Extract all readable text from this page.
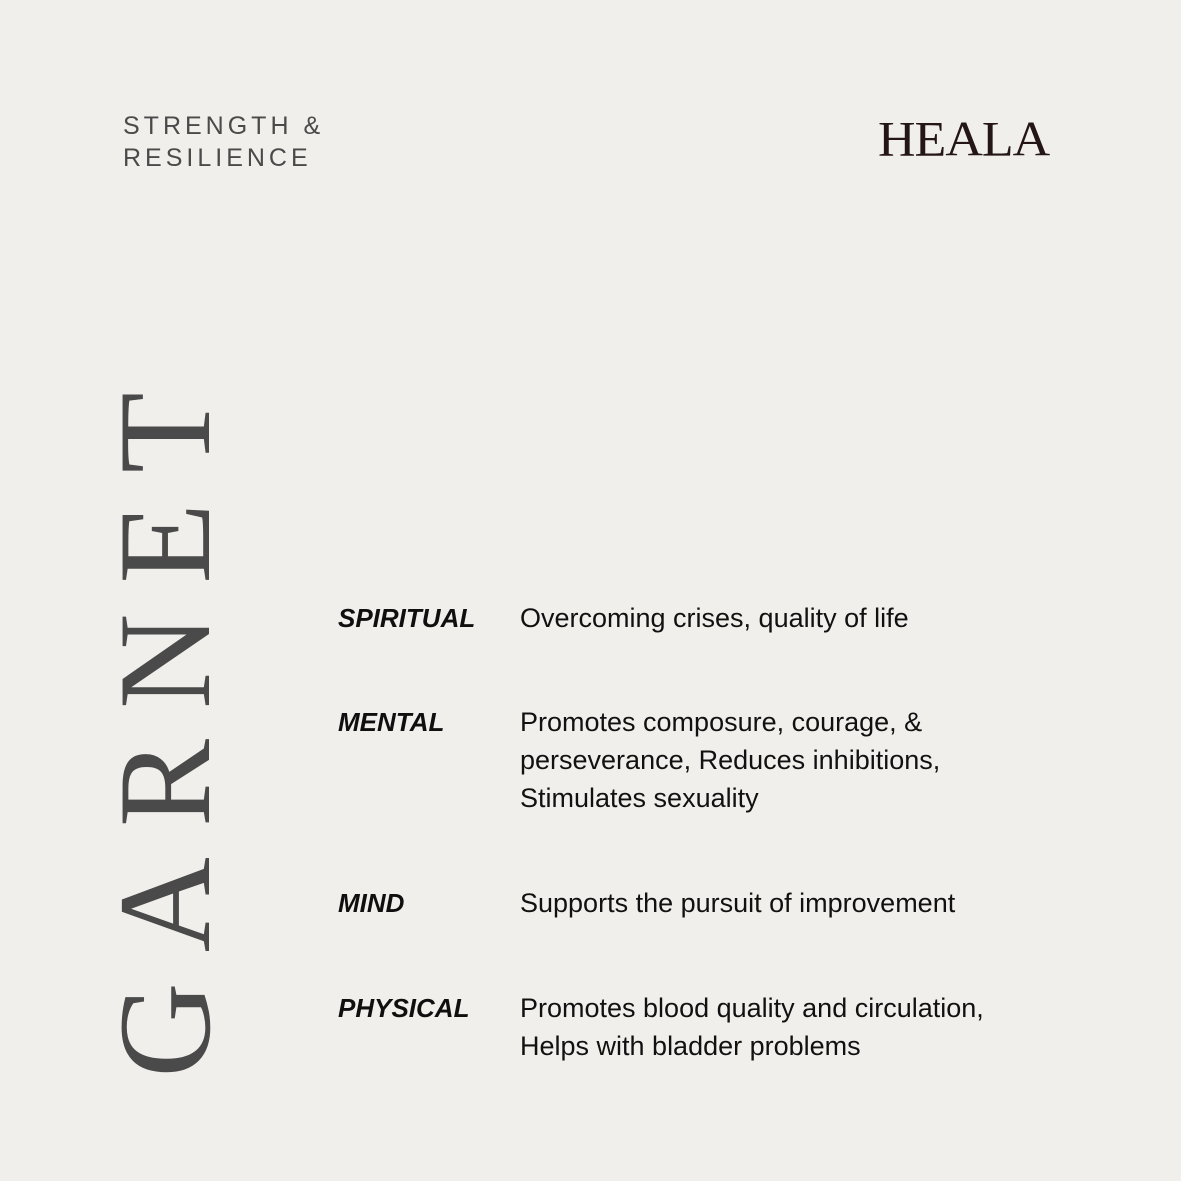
STRENGTH &
RESILIENCE	HEALA
GARNET	SPIRITUAL	Overcoming crises, quality of life
MENTAL	Promotes composure, courage, &
perseverance, Reduces inhibitions,
Stimulates sexuality
MIND	Supports the pursuit of improvement
PHYSICAL	Promotes blood quality and circulation,
Helps with bladder problems
